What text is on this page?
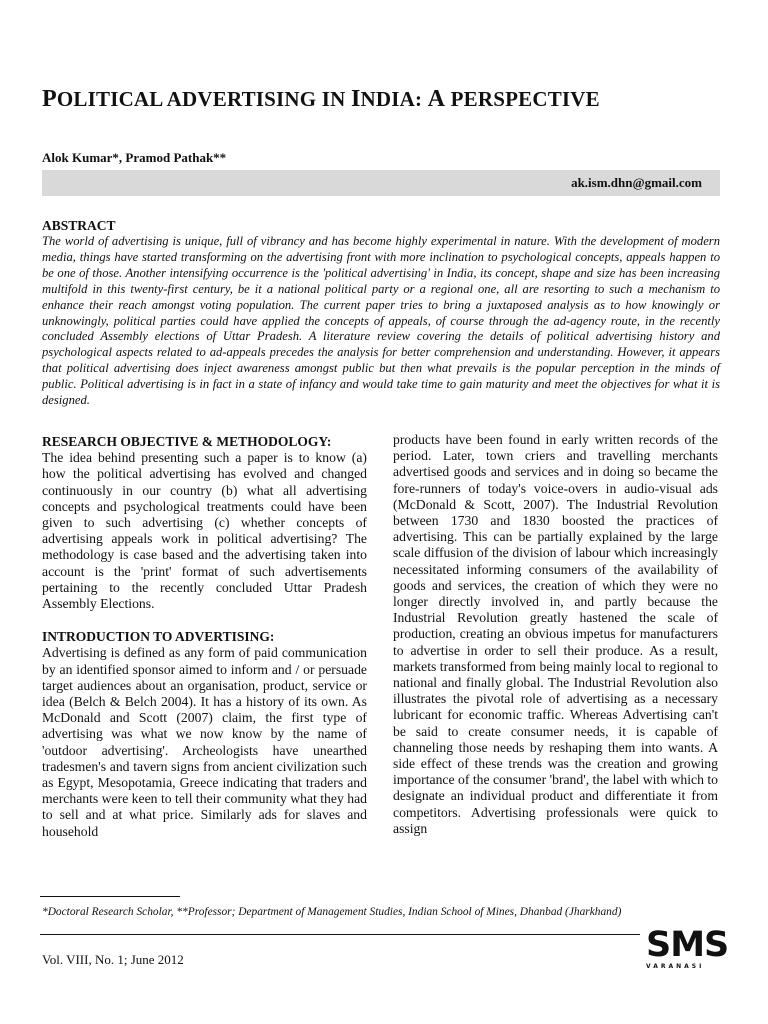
POLITICAL ADVERTISING IN INDIA: A PERSPECTIVE
Alok Kumar*, Pramod Pathak**
ak.ism.dhn@gmail.com
ABSTRACT
The world of advertising is unique, full of vibrancy and has become highly experimental in nature. With the development of modern media, things have started transforming on the advertising front with more inclination to psychological concepts, appeals happen to be one of those. Another intensifying occurrence is the 'political advertising' in India, its concept, shape and size has been increasing multifold in this twenty-first century, be it a national political party or a regional one, all are resorting to such a mechanism to enhance their reach amongst voting population. The current paper tries to bring a juxtaposed analysis as to how knowingly or unknowingly, political parties could have applied the concepts of appeals, of course through the ad-agency route, in the recently concluded Assembly elections of Uttar Pradesh. A literature review covering the details of political advertising history and psychological aspects related to ad-appeals precedes the analysis for better comprehension and understanding. However, it appears that political advertising does inject awareness amongst public but then what prevails is the popular perception in the minds of public. Political advertising is in fact in a state of infancy and would take time to gain maturity and meet the objectives for what it is designed.
RESEARCH OBJECTIVE & METHODOLOGY:

The idea behind presenting such a paper is to know (a) how the political advertising has evolved and changed continuously in our country (b) what all advertising concepts and psychological treatments could have been given to such advertising (c) whether concepts of advertising appeals work in political advertising? The methodology is case based and the advertising taken into account is the 'print' format of such advertisements pertaining to the recently concluded Uttar Pradesh Assembly Elections.

INTRODUCTION TO ADVERTISING:

Advertising is defined as any form of paid communication by an identified sponsor aimed to inform and / or persuade target audiences about an organisation, product, service or idea (Belch & Belch 2004). It has a history of its own. As McDonald and Scott (2007) claim, the first type of advertising was what we now know by the name of 'outdoor advertising'. Archeologists have unearthed tradesmen's and tavern signs from ancient civilization such as Egypt, Mesopotamia, Greece indicating that traders and merchants were keen to tell their community what they had to sell and at what price. Similarly ads for slaves and household

products have been found in early written records of the period. Later, town criers and travelling merchants advertised goods and services and in doing so became the fore-runners of today's voice-overs in audio-visual ads (McDonald & Scott, 2007). The Industrial Revolution between 1730 and 1830 boosted the practices of advertising. This can be partially explained by the large scale diffusion of the division of labour which increasingly necessitated informing consumers of the availability of goods and services, the creation of which they were no longer directly involved in, and partly because the Industrial Revolution greatly hastened the scale of production, creating an obvious impetus for manufacturers to advertise in order to sell their produce. As a result, markets transformed from being mainly local to regional to national and finally global. The Industrial Revolution also illustrates the pivotal role of advertising as a necessary lubricant for economic traffic. Whereas Advertising can't be said to create consumer needs, it is capable of channeling those needs by reshaping them into wants. A side effect of these trends was the creation and growing importance of the consumer 'brand', the label with which to designate an individual product and differentiate it from competitors. Advertising professionals were quick to assign

*Doctoral Research Scholar, **Professor; Department of Management Studies, Indian School of Mines, Dhanbad (Jharkhand)
Vol. VIII, No. 1; June 2012	SMS
VARANASI
